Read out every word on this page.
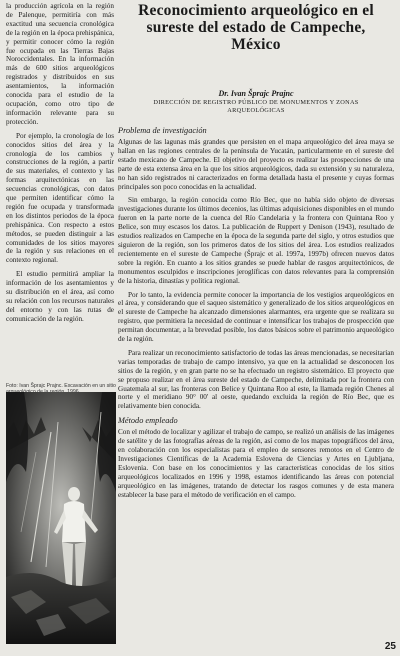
la producción agrícola en la región de Palenque, permitiría con más exactitud una secuencia cronológica de la región en la época prehispánica, y permitir conocer cómo la región fue ocupada en las Tierras Bajas Noroccidentales. En la información más de 600 sitios arqueológicos registrados y distribuidos en sus asentamientos, la información conocida para el estudio de la ocupación, como otro tipo de información relevante para su protección.

Por ejemplo, la cronología de los conocidos sitios del área y la cronología de los cambios y construcciones de la región, a partir de sus materiales, el contexto y las formas arquitectónicas en las secuencias cronológicas, con datos que permiten identificar cómo la región fue ocupada y transformada en los distintos periodos de la época prehispánica. Con respecto a estos métodos, se pueden distinguir a las comunidades de los sitios mayores de la región y sus relaciones en el contexto regional.

El estudio permitirá ampliar la información de los asentamientos y su distribución en el área, así como su relación con los recursos naturales del entorno y con las rutas de comunicación de la región.

Reconocimiento arqueológico en el sureste del estado de Campeche, México
Dr. Ivan Šprajc Prajnc
DIRECCIÓN DE REGISTRO PÚBLICO DE MONUMENTOS Y ZONAS ARQUEOLÓGICAS
Problema de investigación

Algunas de las lagunas más grandes que persisten en el mapa arqueológico del área maya se hallan en las regiones centrales de la península de Yucatán, particularmente en el sureste del estado mexicano de Campeche. El objetivo del proyecto es realizar las prospecciones de una parte de esta extensa área en la que los sitios arqueológicos, dada su extensión y su naturaleza, no han sido registrados ni caracterizados en forma detallada hasta el presente y cuyas formas principales son poco conocidas en la actualidad.

Sin embargo, la región conocida como Río Bec, que no había sido objeto de diversas investigaciones durante los últimos decenios, las últimas adquisiciones disponibles en el mundo fueron en la parte norte de la cuenca del Río Candelaria y la frontera con Quintana Roo y Belice, son muy escasos los datos. La publicación de Ruppert y Denison (1943), resultado de estudios realizados en Campeche en la época de la segunda parte del siglo, y otros estudios que siguieron de la región, son los primeros datos de los sitios del área. Los estudios realizados recientemente en el sureste de Campeche (Šprajc et al. 1997a, 1997b) ofrecen nuevos datos sobre la región. En cuanto a los sitios grandes se puede hablar de rasgos arquitectónicos, de monumentos esculpidos e inscripciones jeroglíficas con datos relevantes para la comprensión de la historia, dinastías y política regional.

Por lo tanto, la evidencia permite conocer la importancia de los vestigios arqueológicos en el área, y considerando que el saqueo sistemático y generalizado de los sitios arqueológicos en el sureste de Campeche ha alcanzado dimensiones alarmantes, era urgente que se realizara su registro, que permitiera la necesidad de continuar e intensificar los trabajos de prospección que permitan documentar, a la brevedad posible, los datos básicos sobre el patrimonio arqueológico de la región.

Para realizar un reconocimiento satisfactorio de todas las áreas mencionadas, se necesitarían varias temporadas de trabajo de campo intensivo, ya que en la actualidad se desconocen los sitios de la región, y en gran parte no se ha efectuado un registro sistemático. El proyecto que se propuso realizar en el área sureste del estado de Campeche, delimitada por la frontera con Guatemala al sur, las fronteras con Belice y Quintana Roo al este, la llamada región Chenes al norte y el meridiano 90° 00' al oeste, quedando excluida la región de Río Bec, que es relativamente bien conocida.

Método empleado

Con el método de localizar y agilizar el trabajo de campo, se realizó un análisis de las imágenes de satélite y de las fotografías aéreas de la región, así como de los mapas topográficos del área, en colaboración con los especialistas para el empleo de sensores remotos en el Centro de Investigaciones Científicas de la Academia Eslovena de Ciencias y Artes en Ljubljana, Eslovenia. Con base en los conocimientos y las características conocidas de los sitios arqueológicos localizados en 1996 y 1998, estamos identificando las áreas con potencial arqueológico en las imágenes, tratando de detectar los rasgos comunes y de esta manera establecer la base para el método de verificación en el campo.

Foto: Ivan Šprajc Prajnc. Excavación en un sitio
25
